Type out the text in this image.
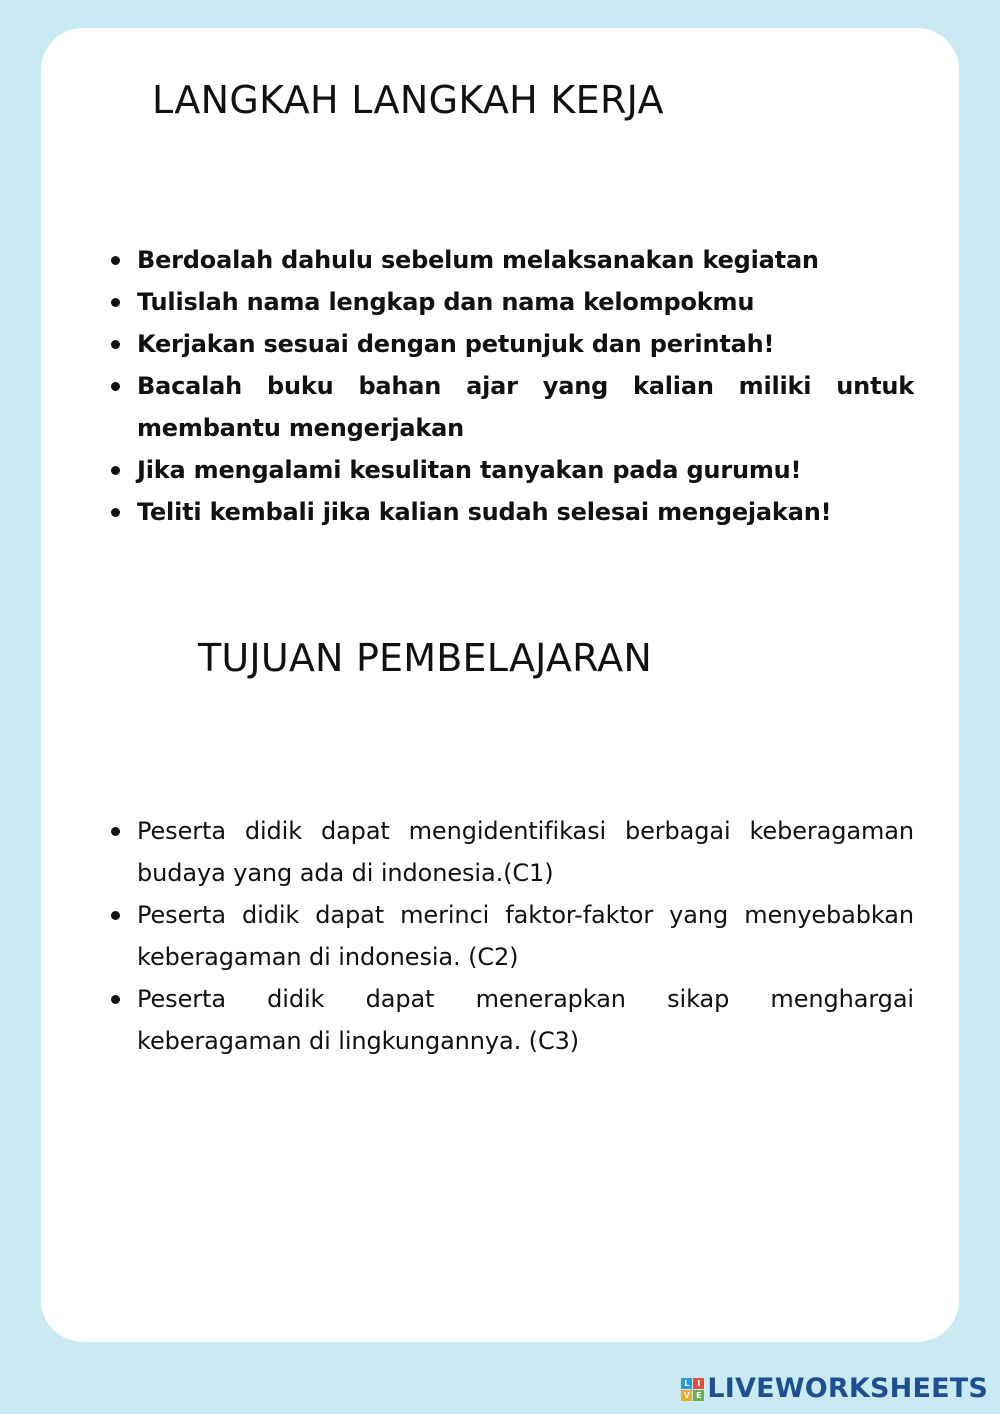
LANGKAH LANGKAH KERJA
Berdoalah dahulu sebelum melaksanakan kegiatan
Tulislah nama lengkap dan nama kelompokmu
Kerjakan sesuai dengan petunjuk dan perintah!
Bacalah buku bahan ajar yang kalian miliki untuk membantu mengerjakan
Jika mengalami kesulitan tanyakan pada gurumu!
Teliti kembali jika kalian sudah selesai mengejakan!
TUJUAN PEMBELAJARAN
Peserta didik dapat mengidentifikasi berbagai keberagaman budaya yang ada di indonesia.(C1)
Peserta didik dapat merinci faktor-faktor yang menyebabkan keberagaman di indonesia. (C2)
Peserta didik dapat menerapkan sikap menghargai keberagaman di lingkungannya. (C3)
L I
V E LIVEWORKSHEETS
